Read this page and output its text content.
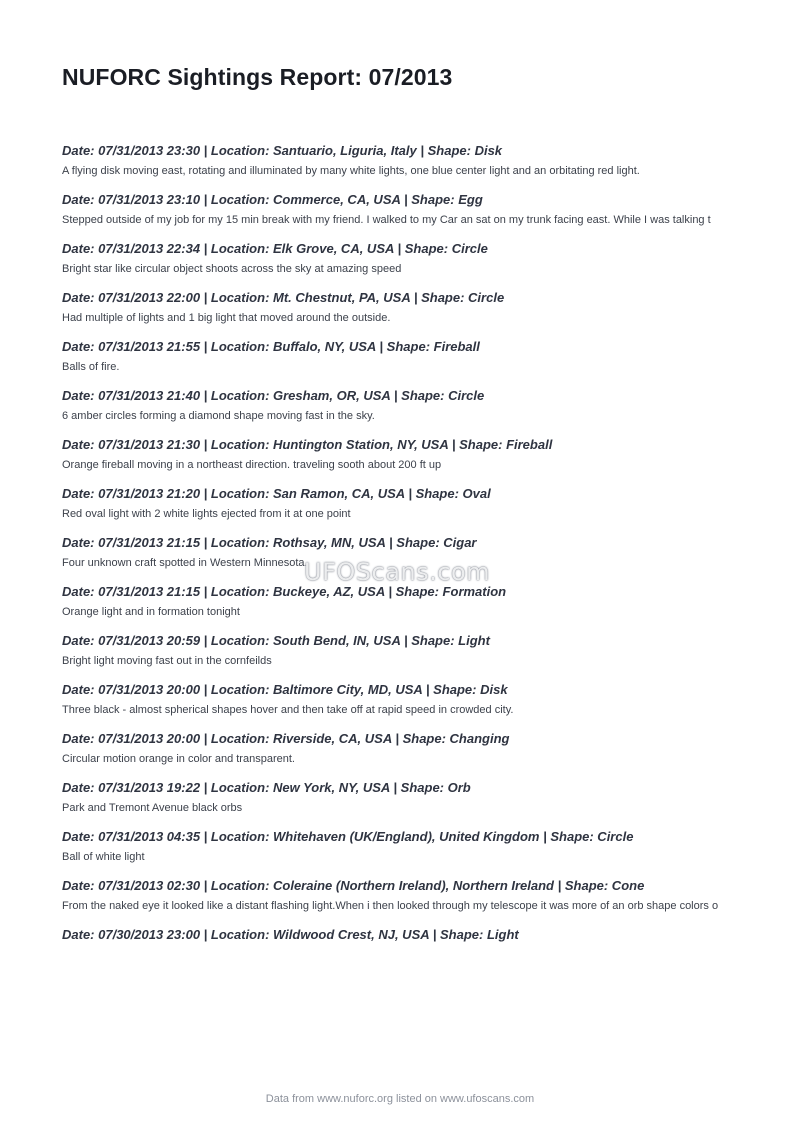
NUFORC Sightings Report: 07/2013
Date: 07/31/2013 23:30 | Location: Santuario, Liguria, Italy | Shape: Disk
A flying disk moving east, rotating and illuminated by many white lights, one blue center light and an orbitating red light.
Date: 07/31/2013 23:10 | Location: Commerce, CA, USA | Shape: Egg
Stepped outside of my job for my 15 min break with my friend. I walked to my Car an sat on my trunk facing east. While I was talking t
Date: 07/31/2013 22:34 | Location: Elk Grove, CA, USA | Shape: Circle
Bright star like circular object shoots across the sky at amazing speed
Date: 07/31/2013 22:00 | Location: Mt. Chestnut, PA, USA | Shape: Circle
Had multiple of lights and 1 big light that moved around the outside.
Date: 07/31/2013 21:55 | Location: Buffalo, NY, USA | Shape: Fireball
Balls of fire.
Date: 07/31/2013 21:40 | Location: Gresham, OR, USA | Shape: Circle
6 amber circles forming a diamond shape moving fast in the sky.
Date: 07/31/2013 21:30 | Location: Huntington Station, NY, USA | Shape: Fireball
Orange fireball moving in a northeast direction. traveling sooth about 200 ft up
Date: 07/31/2013 21:20 | Location: San Ramon, CA, USA | Shape: Oval
Red oval light with 2 white lights ejected from it at one point
Date: 07/31/2013 21:15 | Location: Rothsay, MN, USA | Shape: Cigar
Four unknown craft spotted in Western Minnesota.
Date: 07/31/2013 21:15 | Location: Buckeye, AZ, USA | Shape: Formation
Orange light and in formation tonight
Date: 07/31/2013 20:59 | Location: South Bend, IN, USA | Shape: Light
Bright light moving fast out in the cornfeilds
Date: 07/31/2013 20:00 | Location: Baltimore City, MD, USA | Shape: Disk
Three black - almost spherical shapes hover and then take off at rapid speed in crowded city.
Date: 07/31/2013 20:00 | Location: Riverside, CA, USA | Shape: Changing
Circular motion orange in color and transparent.
Date: 07/31/2013 19:22 | Location: New York, NY, USA | Shape: Orb
Park and Tremont Avenue black orbs
Date: 07/31/2013 04:35 | Location: Whitehaven (UK/England), United Kingdom | Shape: Circle
Ball of white light
Date: 07/31/2013 02:30 | Location: Coleraine (Northern Ireland), Northern Ireland | Shape: Cone
From the naked eye it looked like a distant flashing light.When i then looked through my telescope it was more of an orb shape colors o
Date: 07/30/2013 23:00 | Location: Wildwood Crest, NJ, USA | Shape: Light
UFOScans.com
Data from www.nuforc.org listed on www.ufoscans.com
